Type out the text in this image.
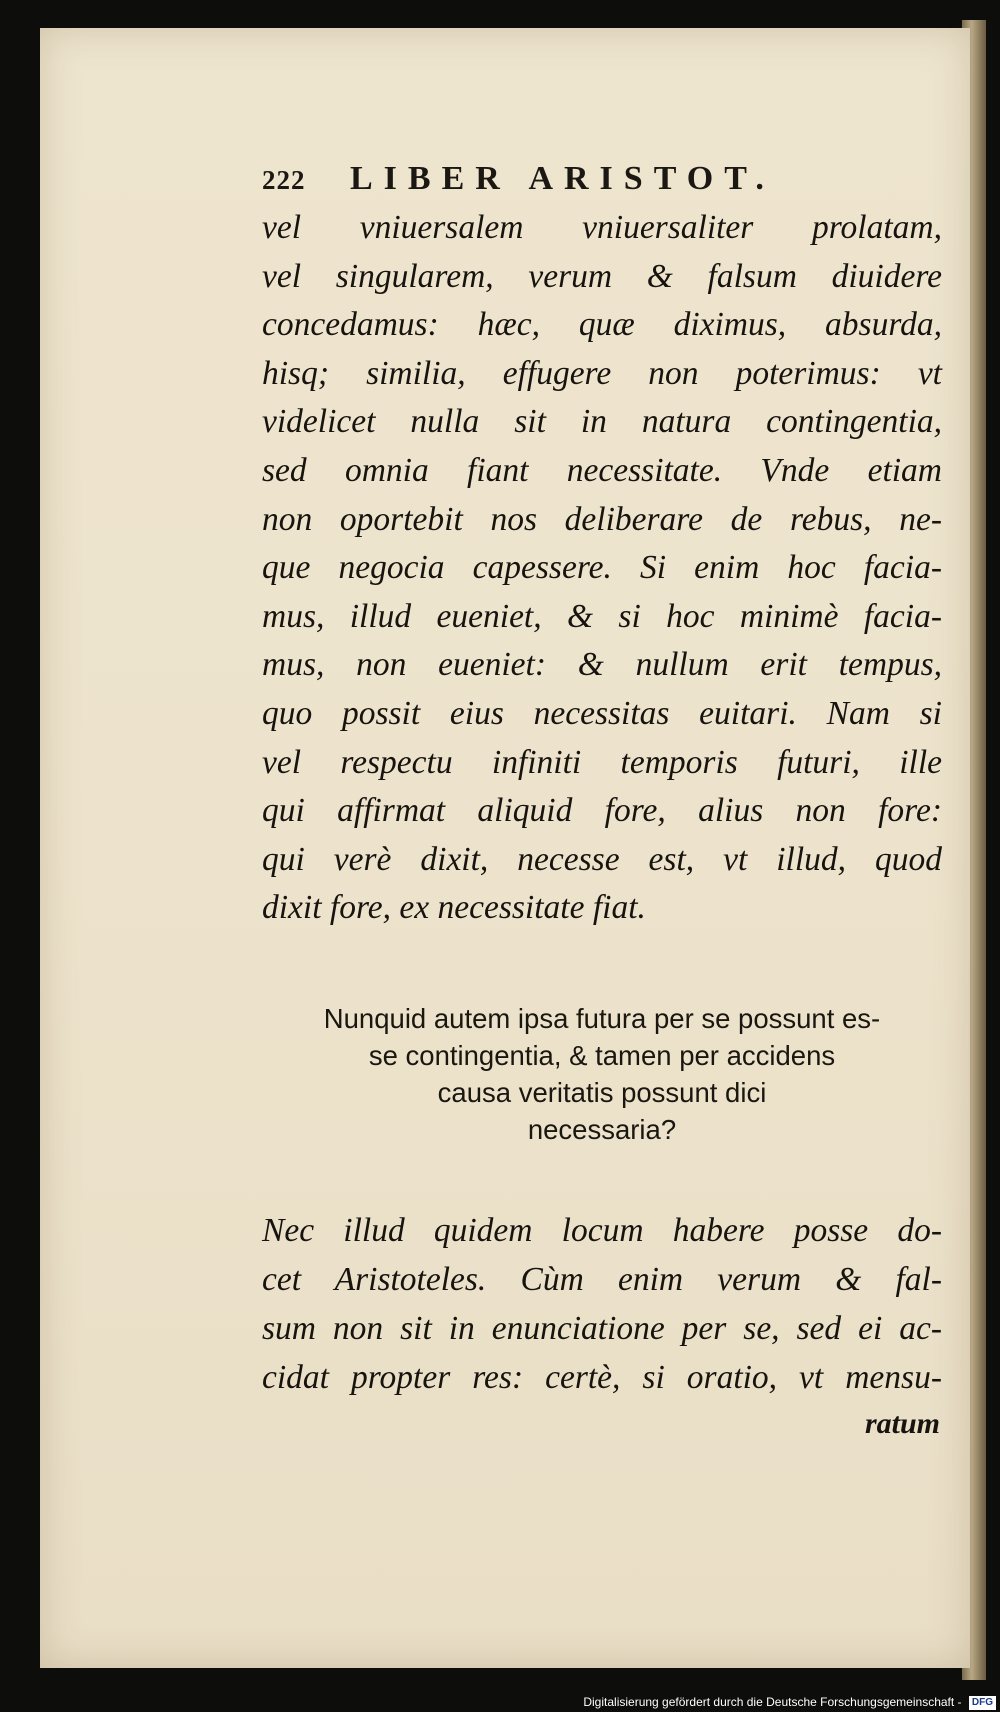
222	LIBER ARISTOT.
vel vniuersalem vniuersaliter prolatam,
vel singularem, verum & falsum diuidere
concedamus: hæc, quæ diximus, absurda,
hisq; similia, effugere non poterimus: vt
videlicet nulla sit in natura contingentia,
sed omnia fiant necessitate. Vnde etiam
non oportebit nos deliberare de rebus, ne-
que negocia capessere. Si enim hoc facia-
mus, illud eueniet, & si hoc minimè facia-
mus, non eueniet: & nullum erit tempus,
quo possit eius necessitas euitari. Nam si
vel respectu infiniti temporis futuri, ille
qui affirmat aliquid fore, alius non fore:
qui verè dixit, necesse est, vt illud, quod
dixit fore, ex necessitate fiat.
Nunquid autem ipsa futura per se possunt es-
se contingentia, & tamen per accidens
causa veritatis possunt dici
necessaria?
Nec illud quidem locum habere posse do-
cet Aristoteles. Cùm enim verum & fal-
sum non sit in enunciatione per se, sed ei ac-
cidat propter res: certè, si oratio, vt mensu-
ratum
Digitalisierung gefördert durch die Deutsche Forschungsgemeinschaft - DFG
